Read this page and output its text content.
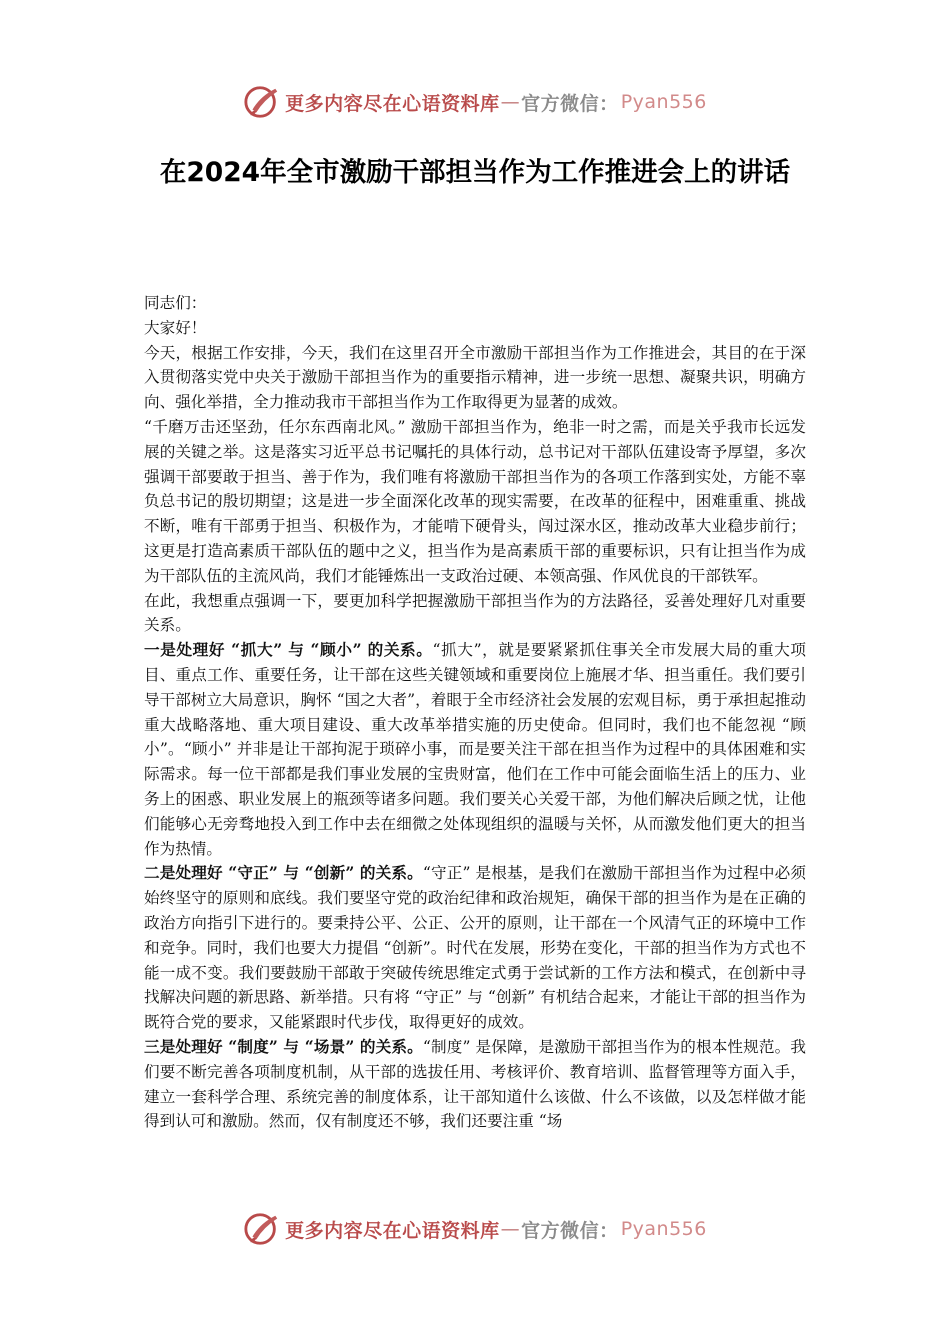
更多内容尽在心语资料库 — 官方微信： Pyan556
在2024年全市激励干部担当作为工作推进会上的讲话

同志们：

大家好！

今天，根据工作安排，今天，我们在这里召开全市激励干部担当作为工作推进会，其目的在于深入贯彻落实党中央关于激励干部担当作为的重要指示精神，进一步统一思想、凝聚共识，明确方向、强化举措，全力推动我市干部担当作为工作取得更为显著的成效。

“千磨万击还坚劲，任尔东西南北风。” 激励干部担当作为，绝非一时之需，而是关乎我市长远发展的关键之举。这是落实习近平总书记嘱托的具体行动，总书记对干部队伍建设寄予厚望，多次强调干部要敢于担当、善于作为，我们唯有将激励干部担当作为的各项工作落到实处，方能不辜负总书记的殷切期望；这是进一步全面深化改革的现实需要，在改革的征程中，困难重重、挑战不断，唯有干部勇于担当、积极作为，才能啃下硬骨头，闯过深水区，推动改革大业稳步前行；这更是打造高素质干部队伍的题中之义，担当作为是高素质干部的重要标识，只有让担当作为成为干部队伍的主流风尚，我们才能锤炼出一支政治过硬、本领高强、作风优良的干部铁军。

在此，我想重点强调一下，要更加科学把握激励干部担当作为的方法路径，妥善处理好几对重要关系。

一是处理好 “抓大” 与 “顾小” 的关系。“抓大”，就是要紧紧抓住事关全市发展大局的重大项目、重点工作、重要任务，让干部在这些关键领域和重要岗位上施展才华、担当重任。我们要引导干部树立大局意识，胸怀 “国之大者”，着眼于全市经济社会发展的宏观目标，勇于承担起推动重大战略落地、重大项目建设、重大改革举措实施的历史使命。但同时，我们也不能忽视 “顾小”。“顾小” 并非是让干部拘泥于琐碎小事，而是要关注干部在担当作为过程中的具体困难和实际需求。每一位干部都是我们事业发展的宝贵财富，他们在工作中可能会面临生活上的压力、业务上的困惑、职业发展上的瓶颈等诸多问题。我们要关心关爱干部，为他们解决后顾之忧，让他们能够心无旁骛地投入到工作中去在细微之处体现组织的温暖与关怀，从而激发他们更大的担当作为热情。

二是处理好 “守正” 与 “创新” 的关系。“守正” 是根基，是我们在激励干部担当作为过程中必须始终坚守的原则和底线。我们要坚守党的政治纪律和政治规矩，确保干部的担当作为是在正确的政治方向指引下进行的。要秉持公平、公正、公开的原则，让干部在一个风清气正的环境中工作和竞争。同时，我们也要大力提倡 “创新”。时代在发展，形势在变化，干部的担当作为方式也不能一成不变。我们要鼓励干部敢于突破传统思维定式勇于尝试新的工作方法和模式，在创新中寻找解决问题的新思路、新举措。只有将 “守正” 与 “创新” 有机结合起来，才能让干部的担当作为既符合党的要求，又能紧跟时代步伐，取得更好的成效。

三是处理好 “制度” 与 “场景” 的关系。“制度” 是保障，是激励干部担当作为的根本性规范。我们要不断完善各项制度机制，从干部的选拔任用、考核评价、教育培训、监督管理等方面入手，建立一套科学合理、系统完善的制度体系，让干部知道什么该做、什么不该做，以及怎样做才能得到认可和激励。然而，仅有制度还不够，我们还要注重 “场

更多内容尽在心语资料库 — 官方微信： Pyan556
